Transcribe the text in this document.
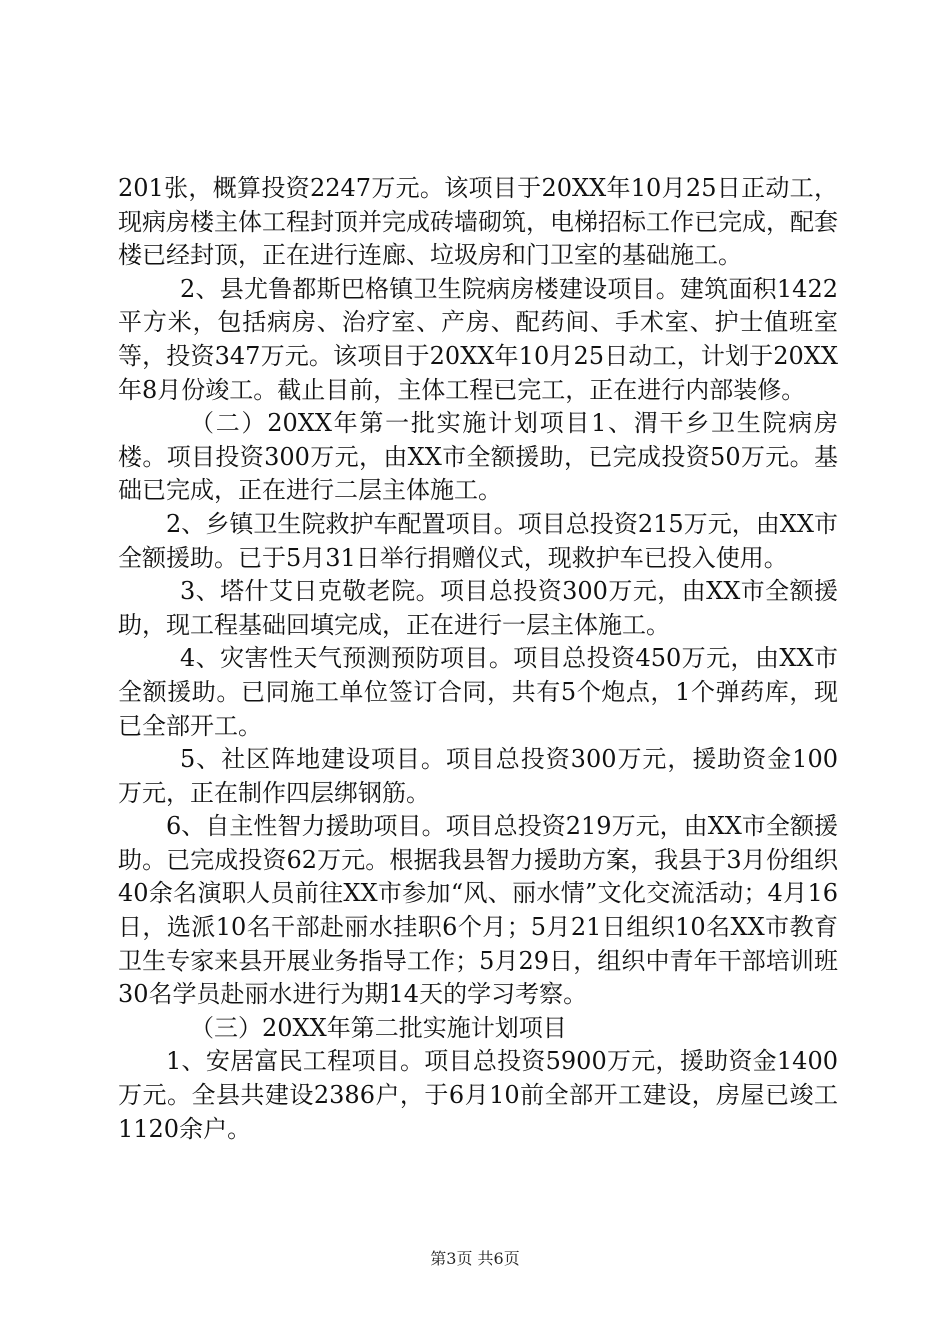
201张，概算投资2247万元。该项目于20XX年10月25日正动工，现病房楼主体工程封顶并完成砖墙砌筑，电梯招标工作已完成，配套楼已经封顶，正在进行连廊、垃圾房和门卫室的基础施工。

2、县尤鲁都斯巴格镇卫生院病房楼建设项目。建筑面积1422平方米，包括病房、治疗室、产房、配药间、手术室、护士值班室等，投资347万元。该项目于20XX年10月25日动工，计划于20XX年8月份竣工。截止目前，主体工程已完工，正在进行内部装修。

（二）20XX年第一批实施计划项目1、渭干乡卫生院病房楼。项目投资300万元，由XX市全额援助，已完成投资50万元。基础已完成，正在进行二层主体施工。

2、乡镇卫生院救护车配置项目。项目总投资215万元，由XX市全额援助。已于5月31日举行捐赠仪式，现救护车已投入使用。

3、塔什艾日克敬老院。项目总投资300万元，由XX市全额援助，现工程基础回填完成，正在进行一层主体施工。

4、灾害性天气预测预防项目。项目总投资450万元，由XX市全额援助。已同施工单位签订合同，共有5个炮点，1个弹药库，现已全部开工。

5、社区阵地建设项目。项目总投资300万元，援助资金100万元，正在制作四层绑钢筋。

6、自主性智力援助项目。项目总投资219万元，由XX市全额援助。已完成投资62万元。根据我县智力援助方案，我县于3月份组织40余名演职人员前往XX市参加“风、丽水情”文化交流活动；4月16日，选派10名干部赴丽水挂职6个月；5月21日组织10名XX市教育卫生专家来县开展业务指导工作；5月29日，组织中青年干部培训班30名学员赴丽水进行为期14天的学习考察。

（三）20XX年第二批实施计划项目

1、安居富民工程项目。项目总投资5900万元，援助资金1400万元。全县共建设2386户，于6月10前全部开工建设，房屋已竣工1120余户。

第3页 共6页
